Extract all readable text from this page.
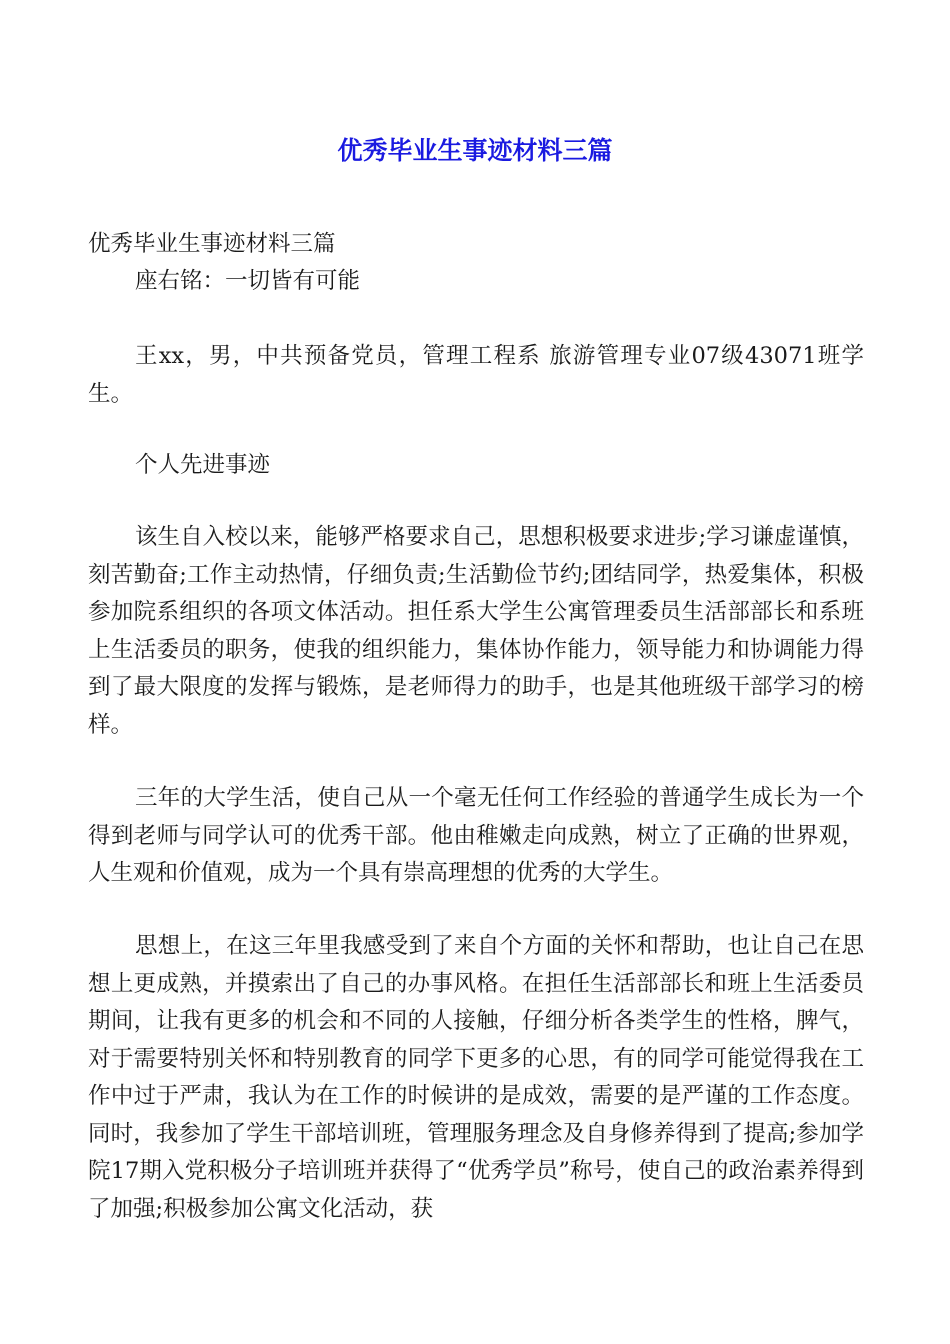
优秀毕业生事迹材料三篇
优秀毕业生事迹材料三篇
座右铭：一切皆有可能
王xx，男，中共预备党员，管理工程系 旅游管理专业07级43071班学生。
个人先进事迹
该生自入校以来，能够严格要求自己，思想积极要求进步;学习谦虚谨慎，刻苦勤奋;工作主动热情，仔细负责;生活勤俭节约;团结同学，热爱集体，积极参加院系组织的各项文体活动。担任系大学生公寓管理委员生活部部长和系班上生活委员的职务，使我的组织能力，集体协作能力，领导能力和协调能力得到了最大限度的发挥与锻炼，是老师得力的助手，也是其他班级干部学习的榜样。
三年的大学生活，使自己从一个毫无任何工作经验的普通学生成长为一个得到老师与同学认可的优秀干部。他由稚嫩走向成熟，树立了正确的世界观，人生观和价值观，成为一个具有崇高理想的优秀的大学生。
思想上，在这三年里我感受到了来自个方面的关怀和帮助，也让自己在思想上更成熟，并摸索出了自己的办事风格。在担任生活部部长和班上生活委员期间，让我有更多的机会和不同的人接触，仔细分析各类学生的性格，脾气，对于需要特别关怀和特别教育的同学下更多的心思，有的同学可能觉得我在工作中过于严肃，我认为在工作的时候讲的是成效，需要的是严谨的工作态度。同时，我参加了学生干部培训班，管理服务理念及自身修养得到了提高;参加学院17期入党积极分子培训班并获得了“优秀学员”称号，使自己的政治素养得到了加强;积极参加公寓文化活动，获
